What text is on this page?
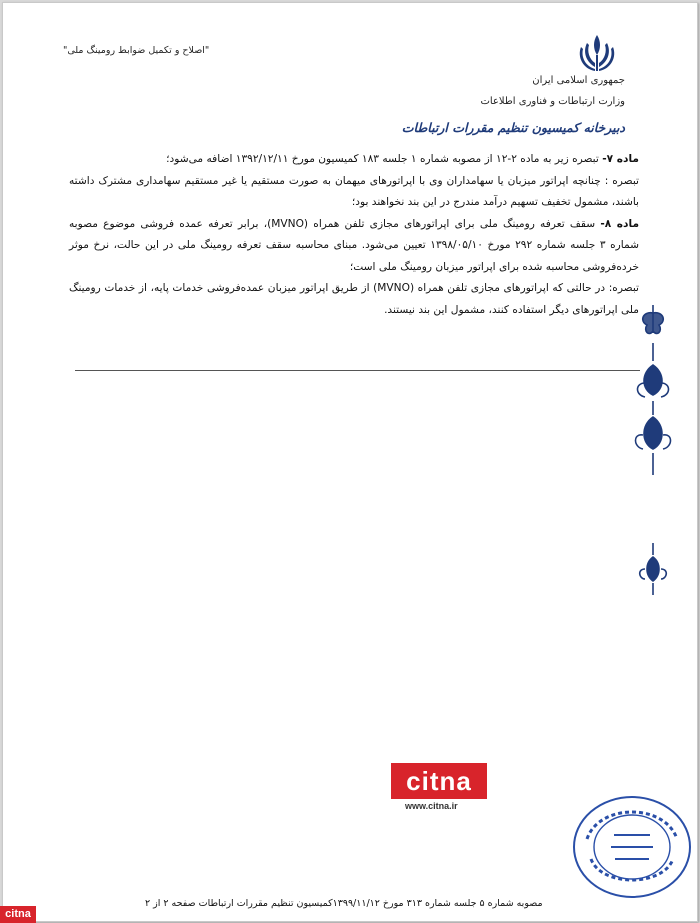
"اصلاح و تکمیل ضوابط رومینگ ملی"
جمهوری اسلامی ایران
وزارت ارتباطات و فناوری اطلاعات
دبیرخانه کمیسیون تنظیم مقررات ارتباطات

ماده ۷- تبصره زیر به ماده ۲-۱۲ از مصوبه شماره ۱ جلسه ۱۸۳ کمیسیون مورخ ۱۳۹۲/۱۲/۱۱ اضافه می‌شود؛

تبصره : چنانچه اپراتور میزبان یا سهامداران وی با اپراتورهای میهمان به صورت مستقیم یا غیر مستقیم سهامداری مشترک داشته باشند، مشمول تخفیف تسهیم درآمد مندرج در این بند نخواهند بود؛

ماده ۸- سقف تعرفه رومینگ ملی برای اپراتورهای مجازی تلفن همراه (MVNO)، برابر تعرفه عمده فروشی موضوع مصوبه شماره ۳ جلسه شماره ۲۹۲ مورخ ۱۳۹۸/۰۵/۱۰ تعیین می‌شود. مبنای محاسبه سقف تعرفه رومینگ ملی در این حالت، نرخ موثر خرده‌فروشی محاسبه شده برای اپراتور میزبان رومینگ ملی است؛

تبصره: در حالتی که اپراتورهای مجازی تلفن همراه (MVNO) از طریق اپراتور میزبان عمده‌فروشی خدمات پایه، از خدمات رومینگ ملی اپراتورهای دیگر استفاده کنند، مشمول این بند نیستند.

citna
www.citna.ir
مصوبه شماره ۵ جلسه شماره ۳۱۳ مورخ ۱۳۹۹/۱۱/۱۲کمیسیون تنظیم مقررات ارتباطات صفحه ۲ از ۲
citna
